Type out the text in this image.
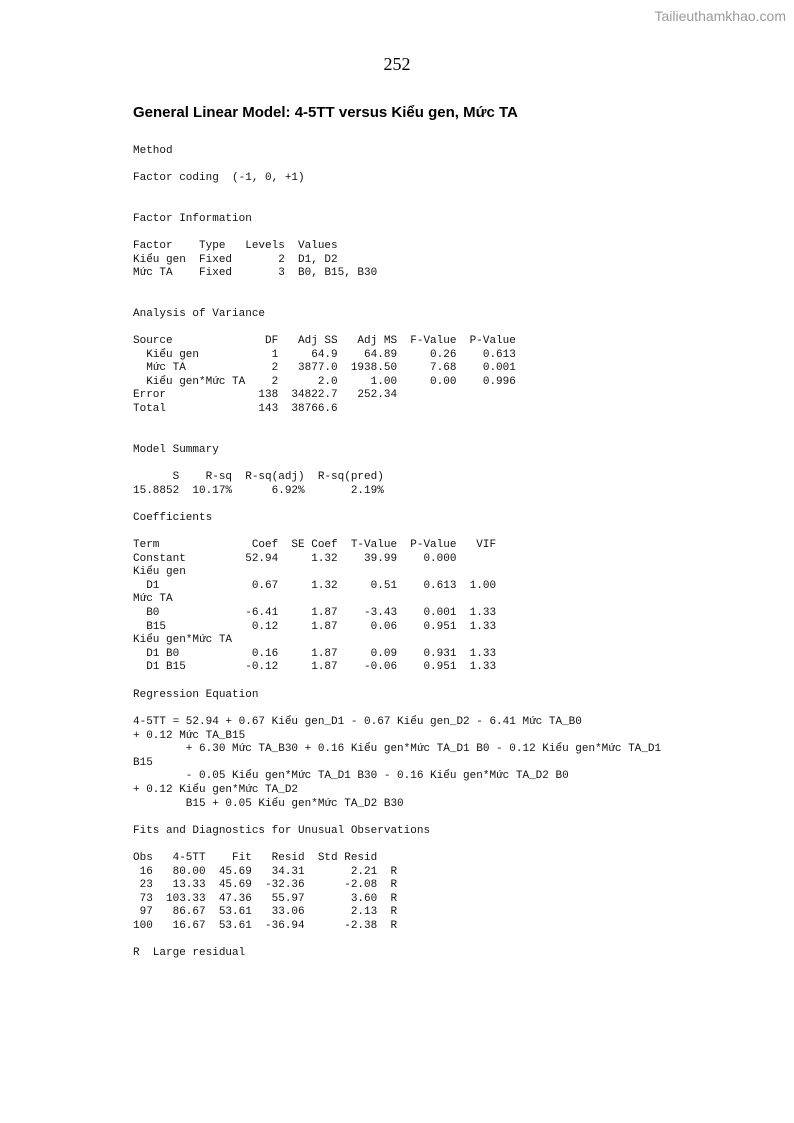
Tailieuthamkhao.com
252
General Linear Model: 4-5TT versus Kiểu gen, Mức TA
Method
Factor coding  (-1, 0, +1)
Factor Information
Factor    Type   Levels  Values
Kiểu gen  Fixed       2  D1, D2
Mức TA    Fixed       3  B0, B15, B30
Analysis of Variance
Source              DF   Adj SS   Adj MS  F-Value  P-Value
Kiểu gen           1     64.9    64.89     0.26    0.613
Mức TA             2   3877.0  1938.50     7.68    0.001
Kiểu gen*Mức TA    2      2.0     1.00     0.00    0.996
Error              138  34822.7   252.34
Total              143  38766.6
Model Summary
S    R-sq  R-sq(adj)  R-sq(pred)
15.8852  10.17%      6.92%       2.19%
Coefficients
Term              Coef  SE Coef  T-Value  P-Value   VIF
Constant         52.94     1.32    39.99    0.000
Kiểu gen
D1              0.67     1.32     0.51    0.613  1.00
Mức TA
B0             -6.41     1.87    -3.43    0.001  1.33
B15             0.12     1.87     0.06    0.951  1.33
Kiểu gen*Mức TA
D1 B0           0.16     1.87     0.09    0.931  1.33
D1 B15         -0.12     1.87    -0.06    0.951  1.33
Regression Equation
4-5TT = 52.94 + 0.67 Kiểu gen_D1 - 0.67 Kiểu gen_D2 - 6.41 Mức TA_B0
+ 0.12 Mức TA_B15
+ 6.30 Mức TA_B30 + 0.16 Kiểu gen*Mức TA_D1 B0 - 0.12 Kiểu gen*Mức TA_D1
B15
- 0.05 Kiểu gen*Mức TA_D1 B30 - 0.16 Kiểu gen*Mức TA_D2 B0
+ 0.12 Kiểu gen*Mức TA_D2
B15 + 0.05 Kiểu gen*Mức TA_D2 B30
Fits and Diagnostics for Unusual Observations
Obs   4-5TT    Fit   Resid  Std Resid
16   80.00  45.69   34.31       2.21  R
23   13.33  45.69  -32.36      -2.08  R
73  103.33  47.36   55.97       3.60  R
97   86.67  53.61   33.06       2.13  R
100   16.67  53.61  -36.94      -2.38  R
R  Large residual
